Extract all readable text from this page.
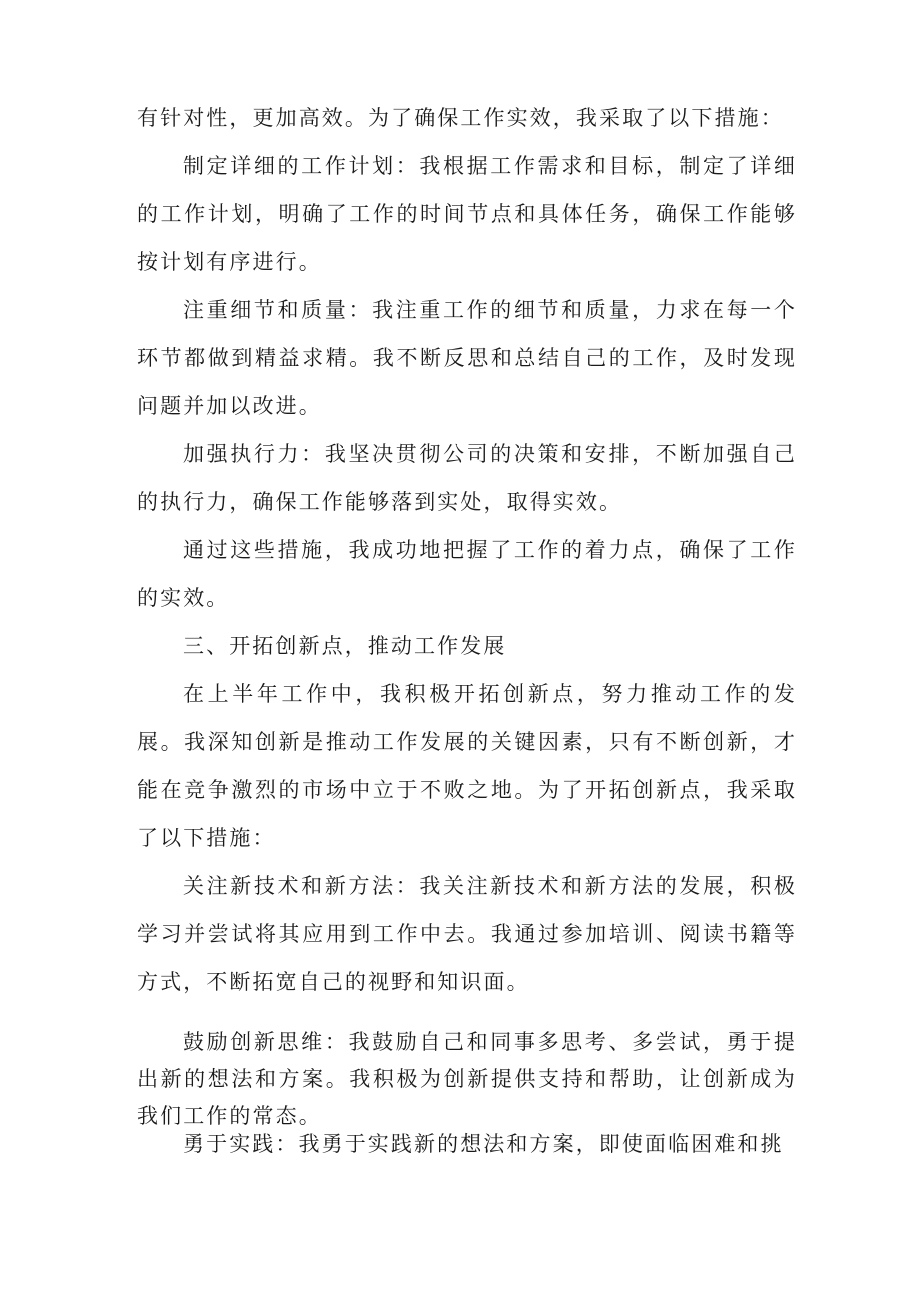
有针对性，更加高效。为了确保工作实效，我采取了以下措施：

制定详细的工作计划：我根据工作需求和目标，制定了详细的工作计划，明确了工作的时间节点和具体任务，确保工作能够按计划有序进行。

注重细节和质量：我注重工作的细节和质量，力求在每一个环节都做到精益求精。我不断反思和总结自己的工作，及时发现问题并加以改进。

加强执行力：我坚决贯彻公司的决策和安排，不断加强自己的执行力，确保工作能够落到实处，取得实效。

通过这些措施，我成功地把握了工作的着力点，确保了工作的实效。

三、开拓创新点，推动工作发展

在上半年工作中，我积极开拓创新点，努力推动工作的发展。我深知创新是推动工作发展的关键因素，只有不断创新，才能在竞争激烈的市场中立于不败之地。为了开拓创新点，我采取了以下措施：

关注新技术和新方法：我关注新技术和新方法的发展，积极学习并尝试将其应用到工作中去。我通过参加培训、阅读书籍等方式，不断拓宽自己的视野和知识面。

鼓励创新思维：我鼓励自己和同事多思考、多尝试，勇于提出新的想法和方案。我积极为创新提供支持和帮助，让创新成为我们工作的常态。

勇于实践：我勇于实践新的想法和方案，即使面临困难和挑
